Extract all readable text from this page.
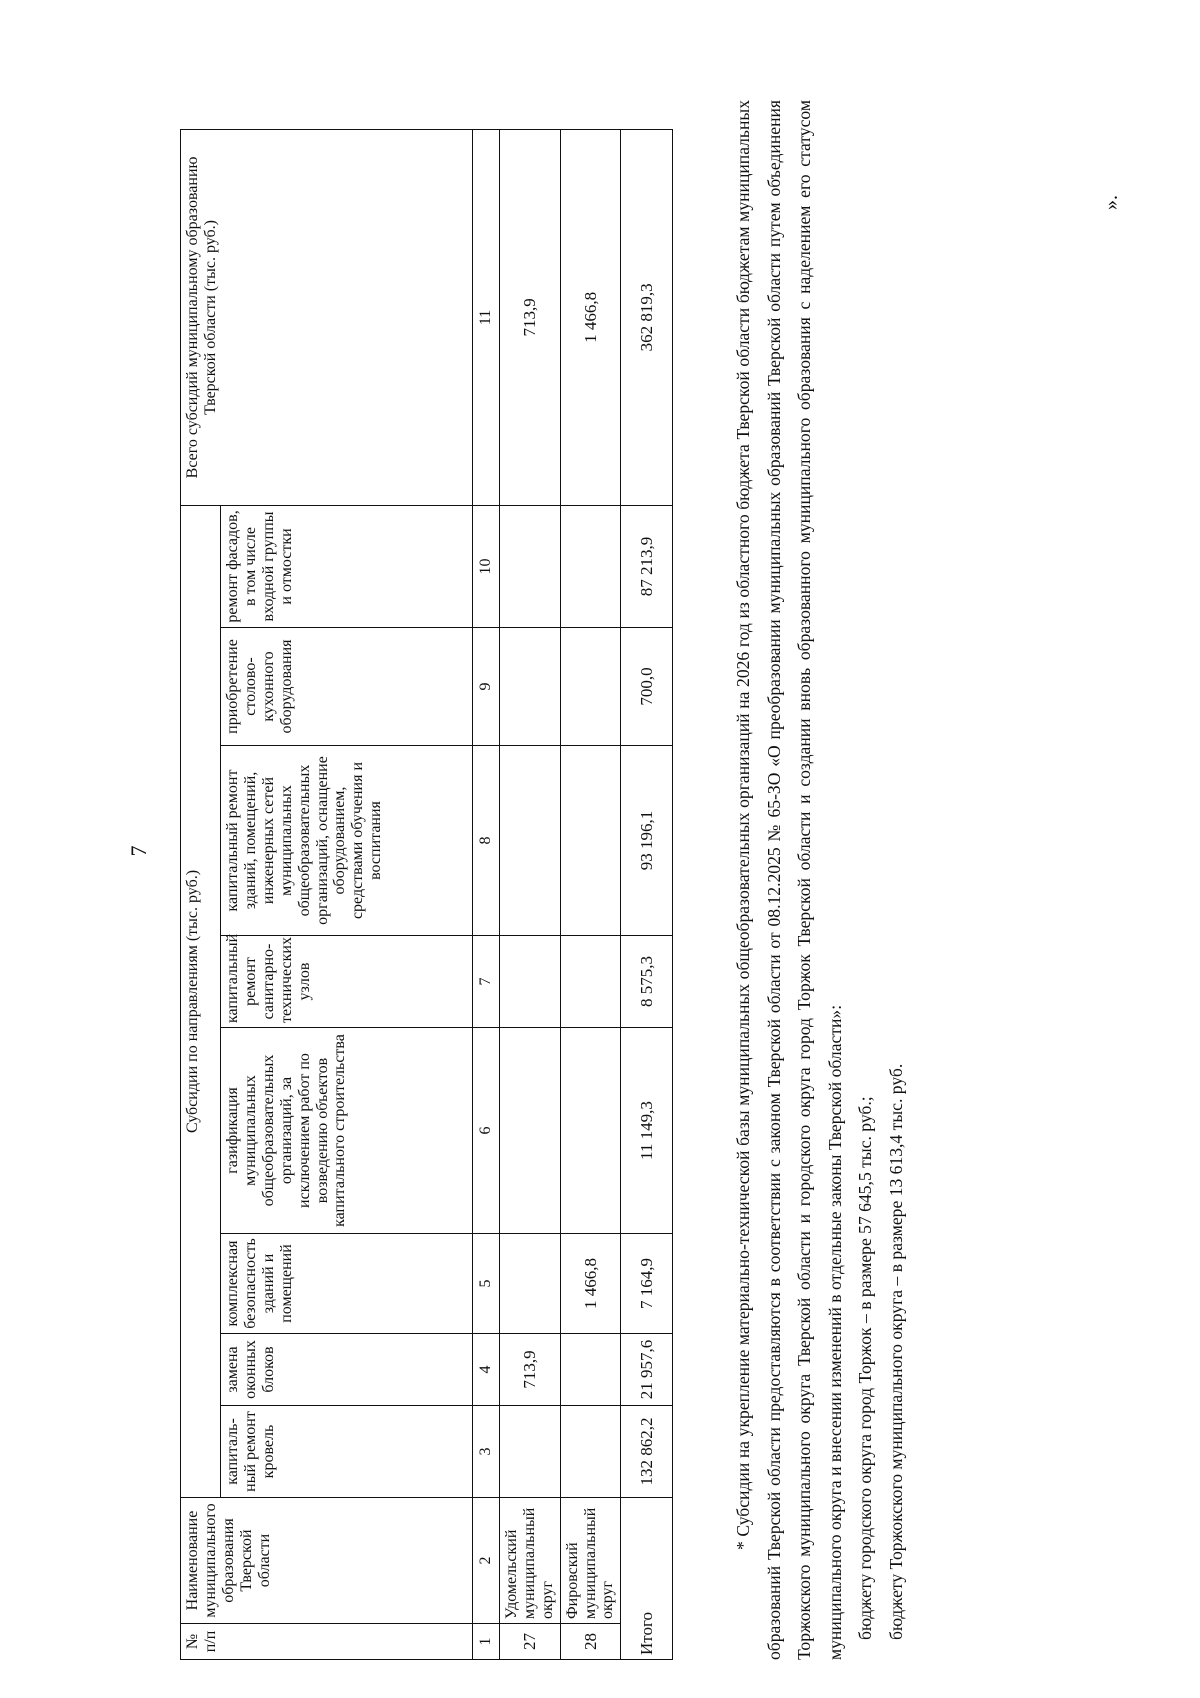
7
№ п/п	Наименование муниципального образования Тверской области	Субсидии по направлениям (тыс. руб.)								Всего субсидий муниципальному образованию Тверской области (тыс. руб.)
		капиталь-ный ремонт кровель	замена оконных блоков	комплексная безопасность зданий и помещений	газификация муниципальных общеобразовательных организаций, за исключением работ по возведению объектов капитального строительства	капитальный ремонт санитарно-технических узлов	капитальный ремонт зданий, помещений, инженерных сетей муниципальных общеобразовательных организаций, оснащение оборудованием, средствами обучения и воспитания	приобретение столово-кухонного оборудования	ремонт фасадов, в том числе входной группы и отмостки	
1	2	3	4	5	6	7	8	9	10	11
27	Удомельский муниципальный округ		713,9							713,9
28	Фировский муниципальный округ			1 466,8						1 466,8
Итого		132 862,2	21 957,6	7 164,9	11 149,3	8 575,3	93 196,1	700,0	87 213,9	362 819,3	* Субсидии на укрепление материально-технической базы муниципальных общеобразовательных организаций на 2026 год из областного бюджета Тверской области бюджетам муниципальных образований Тверской области предоставляются в соответствии с законом Тверской области от 08.12.2025 № 65-ЗО «О преобразовании муниципальных образований Тверской области путем объединения Торжокского муниципального округа Тверской области и городского округа город Торжок Тверской области и создании вновь образованного муниципального образования с наделением его статусом муниципального округа и внесении изменений в отдельные законы Тверской области»: бюджету городского округа город Торжок – в размере 57 645,5 тыс. руб.; бюджету Торжокского муниципального округа – в размере 13 613,4 тыс. руб.

».
